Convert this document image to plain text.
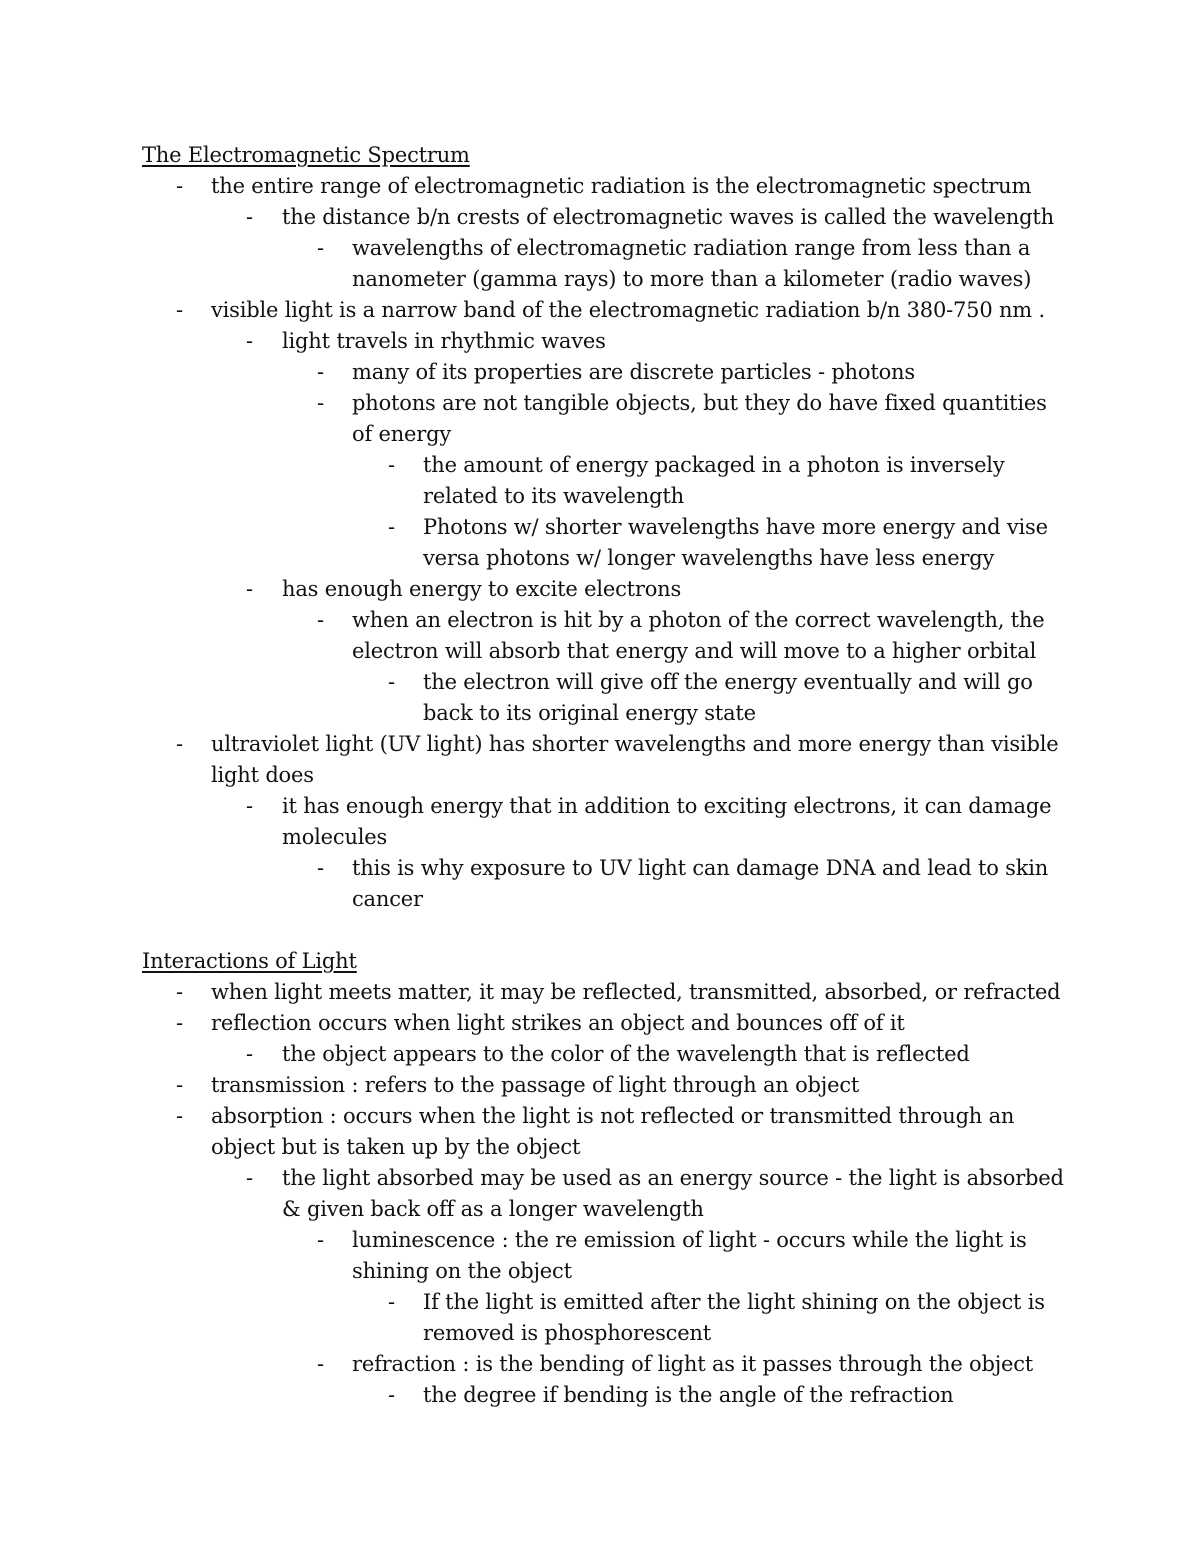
The Electromagnetic Spectrum
-	the entire range of electromagnetic radiation is the electromagnetic spectrum
-	the distance b/n crests of electromagnetic waves is called the wavelength
-	wavelengths of electromagnetic radiation range from less than a
nanometer (gamma rays) to more than a kilometer (radio waves)
-	visible light is a narrow band of the electromagnetic radiation b/n 380-750 nm .
-	light travels in rhythmic waves
-	many of its properties are discrete particles - photons
-	photons are not tangible objects, but they do have fixed quantities
of energy
-	the amount of energy packaged in a photon is inversely
related to its wavelength
-	Photons w/ shorter wavelengths have more energy and vise
versa photons w/ longer wavelengths have less energy
-	has enough energy to excite electrons
-	when an electron is hit by a photon of the correct wavelength, the
electron will absorb that energy and will move to a higher orbital
-	the electron will give off the energy eventually and will go
back to its original energy state
-	ultraviolet light (UV light) has shorter wavelengths and more energy than visible
light does
-	it has enough energy that in addition to exciting electrons, it can damage
molecules
-	this is why exposure to UV light can damage DNA and lead to skin
cancer
Interactions of Light
-	when light meets matter, it may be reflected, transmitted, absorbed, or refracted
-	reflection occurs when light strikes an object and bounces off of it
-	the object appears to the color of the wavelength that is reflected
-	transmission : refers to the passage of light through an object
-	absorption : occurs when the light is not reflected or transmitted through an
object but is taken up by the object
-	the light absorbed may be used as an energy source - the light is absorbed
& given back off as a longer wavelength
-	luminescence : the re emission of light - occurs while the light is
shining on the object
-	If the light is emitted after the light shining on the object is
removed is phosphorescent
-	refraction : is the bending of light as it passes through the object
-	the degree if bending is the angle of the refraction
